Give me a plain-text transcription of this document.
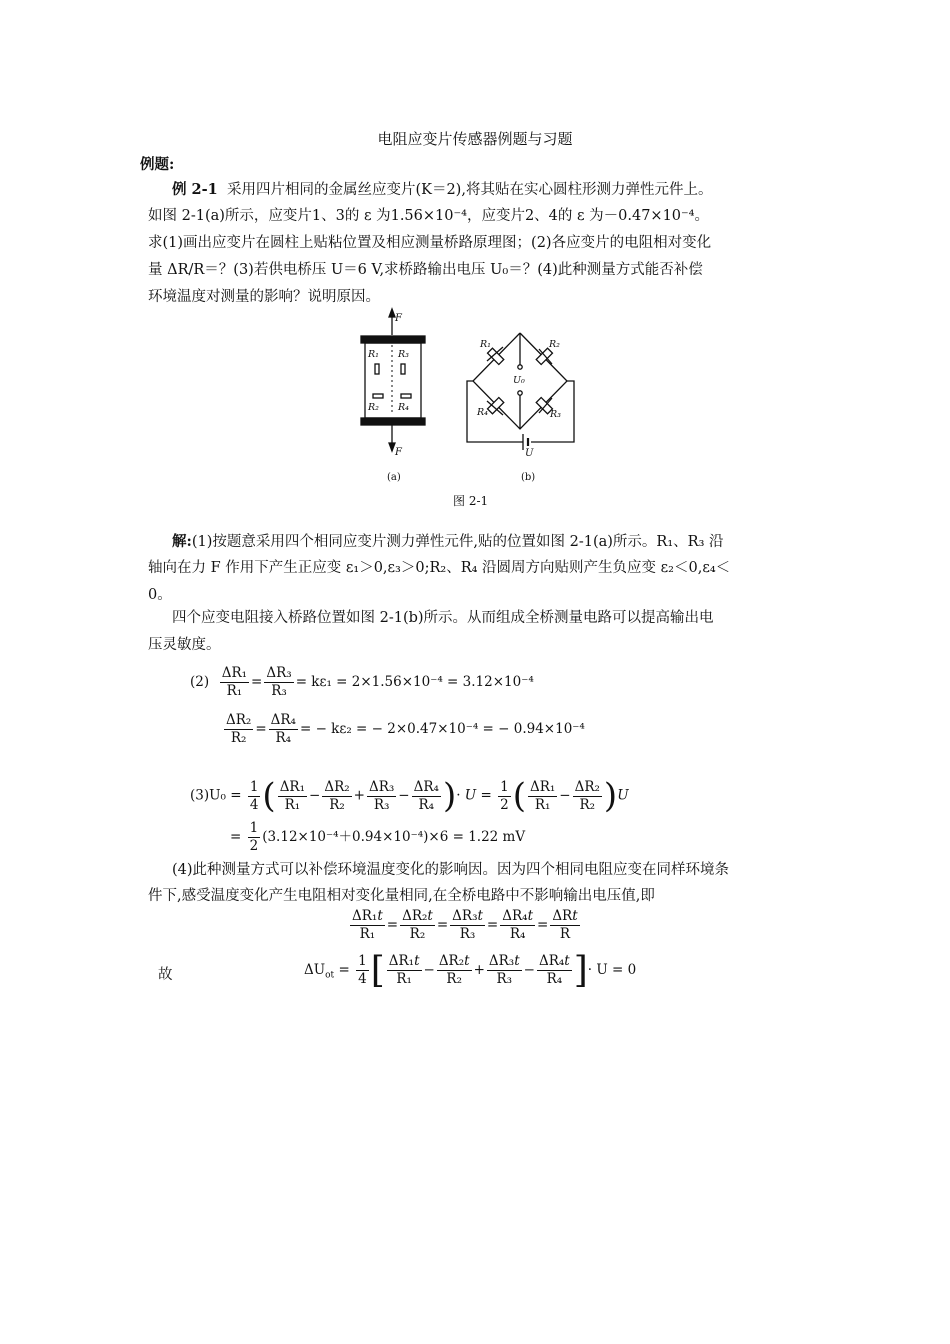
电阻应变片传感器例题与习题
例题:
例 2-1 采用四片相同的金属丝应变片(K＝2),将其贴在实心圆柱形测力弹性元件上。
如图 2-1(a)所示，应变片1、3的 ε 为1.56×10⁻⁴，应变片2、4的 ε 为－0.47×10⁻⁴。
求(1)画出应变片在圆柱上贴粘位置及相应测量桥路原理图；(2)各应变片的电阻相对变化
量 ΔR/R＝？(3)若供电桥压 U＝6 V,求桥路输出电压 U₀＝？(4)此种测量方式能否补偿
环境温度对测量的影响？说明原因。
F
F
R₁ R₃
R₂ R₄
(a)
R₁	R₂
R₄	R₃
U₀
U
(b)
图 2-1
解:(1)按题意采用四个相同应变片测力弹性元件,贴的位置如图 2-1(a)所示。R₁、R₃ 沿
轴向在力 F 作用下产生正应变 ε₁＞0,ε₃＞0;R₂、R₄ 沿圆周方向贴则产生负应变 ε₂＜0,ε₄＜
0。
四个应变电阻接入桥路位置如图 2-1(b)所示。从而组成全桥测量电路可以提高输出电
压灵敏度。
$(2) \frac{\text{ΔR₁}}{\text{R₁}} = \frac{\text{ΔR₃}}{\text{R₃}} = k\varepsilon_1 = 2\times 1.56\times 10^{-4} = 3.12\times 10^{-4}$
$\frac{\text{ΔR₂}}{\text{R₂}} = \frac{\text{ΔR₄}}{\text{R₄}}$ = − kε₂ = − 2×0.47×10⁻⁴ = − 0.94×10⁻⁴
$(3)U_0 = \frac{1}{4}$ ( $\frac{\text{ΔR₁}}{\text{R₁}} - \frac{\text{ΔR₂}}{\text{R₂}} + \frac{\text{ΔR₃}}{\text{R₃}} - \frac{\text{ΔR₄}}{\text{R₄}}$ )· $U = \frac{1}{2}$ ( $\frac{\text{ΔR₁}}{\text{R₁}} - \frac{\text{ΔR₂}}{\text{R₂}} )U$
= $\frac{1}{2} (3.12\times 10^{-4}+0.94\times 10^{-4})\times 6 = 1.22$ mV
(4)此种测量方式可以补偿环境温度变化的影响因。因为四个相同电阻应变在同样环境条
件下,感受温度变化产生电阻相对变化量相同,在全桥电路中不影响输出电压值,即
$\frac{\text{ΔR₁t}}{\text{R₁}} = \frac{\text{ΔR₂t}}{\text{R₂}} = \frac{\text{ΔR₃t}}{\text{R₃}} = \frac{\text{ΔR₄t}}{\text{R₄}} = \frac{\text{ΔRt}}{R}$
故	$\Delta U_{ot} = \frac{1}{4}$ [ $\frac{\text{ΔR₁t}}{\text{R₁}} - \frac{\text{ΔR₂t}}{\text{R₂}} + \frac{\text{ΔR₃t}}{\text{R₃}} - \frac{\text{ΔR₄t}}{\text{R₄}}$ ]· U = 0
